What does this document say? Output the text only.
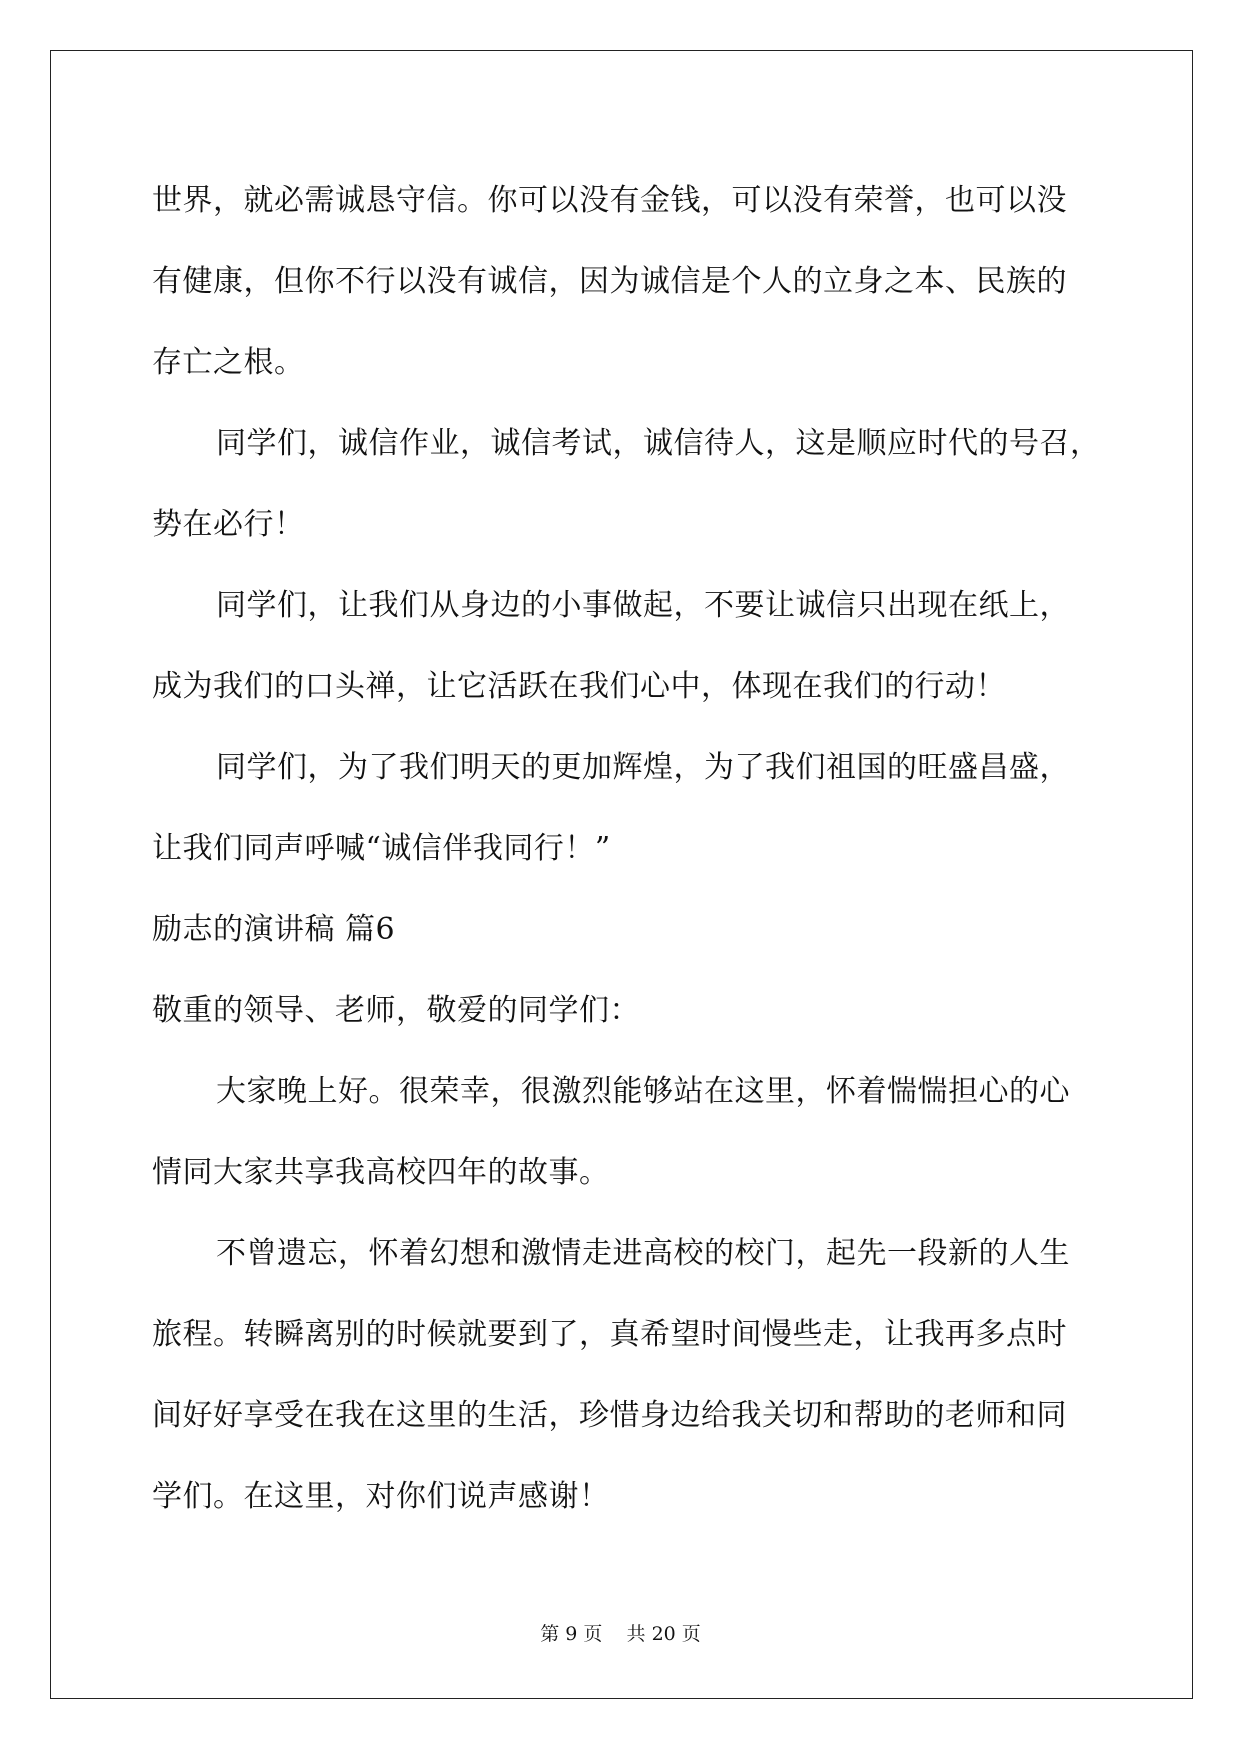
世界，就必需诚恳守信。你可以没有金钱，可以没有荣誉，也可以没
有健康，但你不行以没有诚信，因为诚信是个人的立身之本、民族的
存亡之根。
同学们，诚信作业，诚信考试，诚信待人，这是顺应时代的号召，
势在必行！
同学们，让我们从身边的小事做起，不要让诚信只出现在纸上，
成为我们的口头禅，让它活跃在我们心中，体现在我们的行动！
同学们，为了我们明天的更加辉煌，为了我们祖国的旺盛昌盛，
让我们同声呼喊“诚信伴我同行！”
励志的演讲稿 篇6
敬重的领导、老师，敬爱的同学们：
大家晚上好。很荣幸，很激烈能够站在这里，怀着惴惴担心的心
情同大家共享我高校四年的故事。
不曾遗忘，怀着幻想和激情走进高校的校门，起先一段新的人生
旅程。转瞬离别的时候就要到了，真希望时间慢些走，让我再多点时
间好好享受在我在这里的生活，珍惜身边给我关切和帮助的老师和同
学们。在这里，对你们说声感谢！
第 9 页    共 20 页
